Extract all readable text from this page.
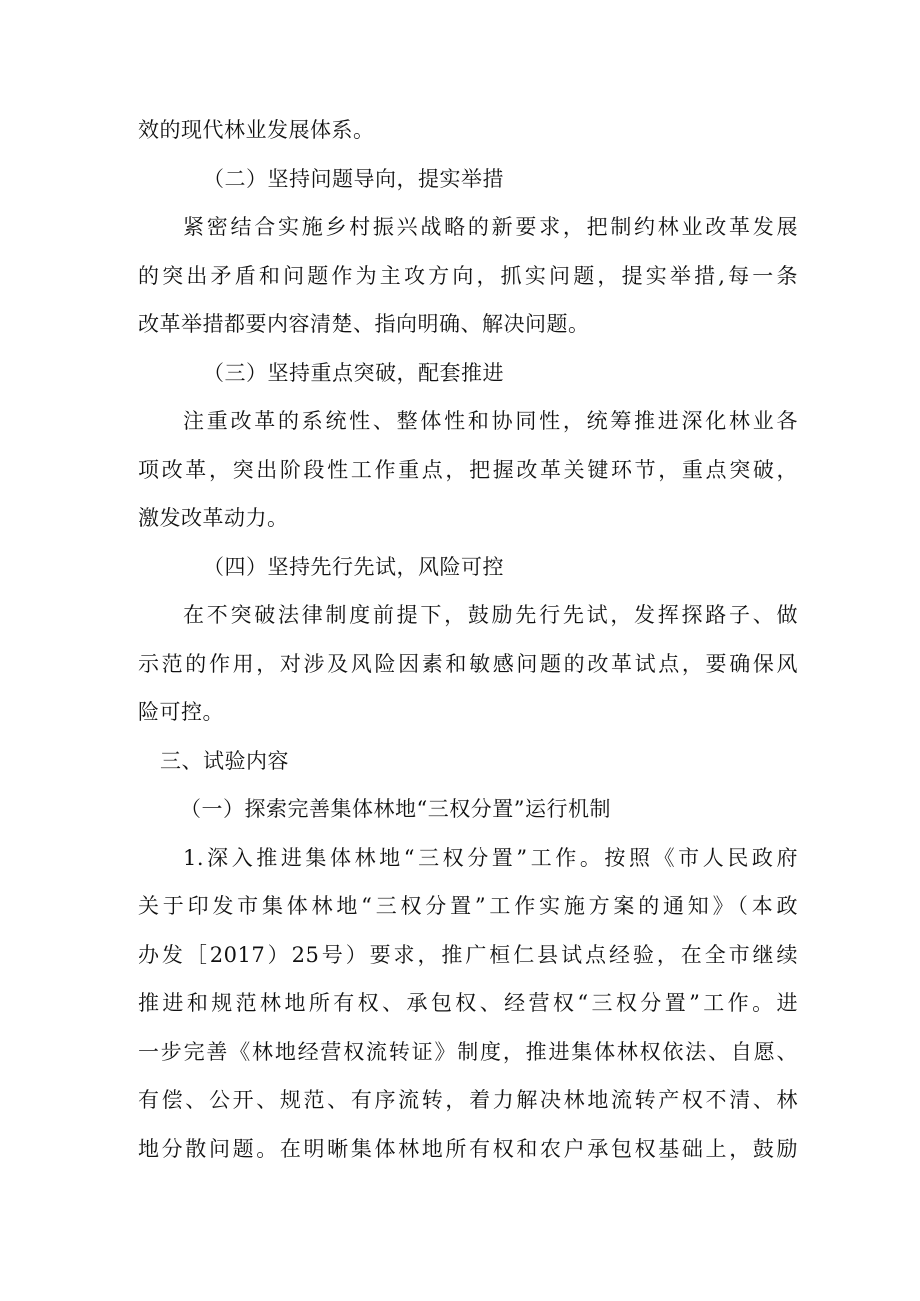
效的现代林业发展体系。
（二）坚持问题导向，提实举措
紧密结合实施乡村振兴战略的新要求，把制约林业改革发展
的突出矛盾和问题作为主攻方向，抓实问题，提实举措,每一条
改革举措都要内容清楚、指向明确、解决问题。
（三）坚持重点突破，配套推进
注重改革的系统性、整体性和协同性，统筹推进深化林业各
项改革，突出阶段性工作重点，把握改革关键环节，重点突破，
激发改革动力。
（四）坚持先行先试，风险可控
在不突破法律制度前提下，鼓励先行先试，发挥探路子、做
示范的作用，对涉及风险因素和敏感问题的改革试点，要确保风
险可控。
三、试验内容
（一）探索完善集体林地“三权分置”运行机制
1.深入推进集体林地“三权分置”工作。按照《市人民政府
关于印发市集体林地“三权分置”工作实施方案的通知》（本政
办发［2017）25号）要求，推广桓仁县试点经验，在全市继续
推进和规范林地所有权、承包权、经营权“三权分置”工作。进
一步完善《林地经营权流转证》制度，推进集体林权依法、自愿、
有偿、公开、规范、有序流转，着力解决林地流转产权不清、林
地分散问题。在明晰集体林地所有权和农户承包权基础上，鼓励
